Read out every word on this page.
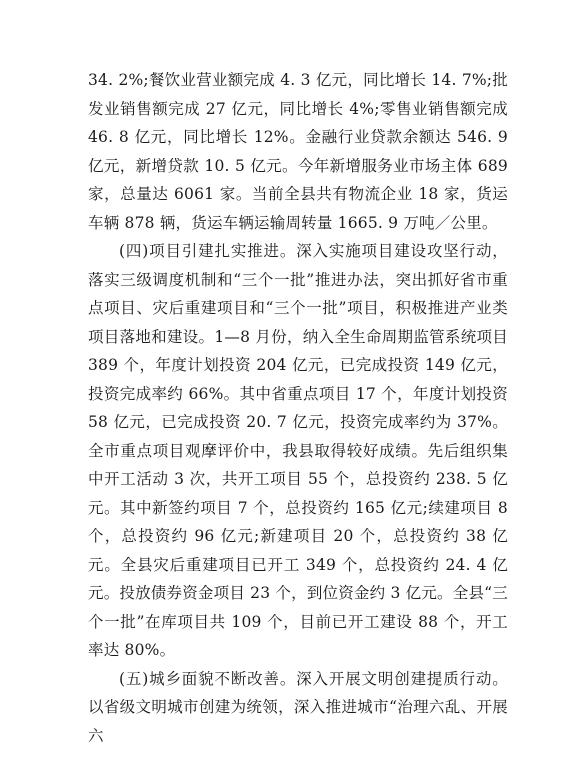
34. 2%;餐饮业营业额完成 4. 3 亿元，同比增长 14. 7%;批发业销售额完成 27 亿元，同比增长 4%;零售业销售额完成 46. 8 亿元，同比增长 12%。金融行业贷款余额达 546. 9 亿元，新增贷款 10. 5 亿元。今年新增服务业市场主体 689 家，总量达 6061 家。当前全县共有物流企业 18 家，货运车辆 878 辆，货运车辆运输周转量 1665. 9 万吨／公里。

(四)项目引建扎实推进。深入实施项目建设攻坚行动，落实三级调度机制和“三个一批”推进办法，突出抓好省市重点项目、灾后重建项目和“三个一批”项目，积极推进产业类项目落地和建设。1—8 月份，纳入全生命周期监管系统项目 389 个，年度计划投资 204 亿元，已完成投资 149 亿元，投资完成率约 66%。其中省重点项目 17 个，年度计划投资 58 亿元，已完成投资 20. 7 亿元，投资完成率约为 37%。全市重点项目观摩评价中，我县取得较好成绩。先后组织集中开工活动 3 次，共开工项目 55 个，总投资约 238. 5 亿元。其中新签约项目 7 个，总投资约 165 亿元;续建项目 8 个，总投资约 96 亿元;新建项目 20 个，总投资约 38 亿元。全县灾后重建项目已开工 349 个，总投资约 24. 4 亿元。投放债券资金项目 23 个，到位资金约 3 亿元。全县“三个一批”在库项目共 109 个，目前已开工建设 88 个，开工率达 80%。

(五)城乡面貌不断改善。深入开展文明创建提质行动。以省级文明城市创建为统领，深入推进城市“治理六乱、开展六
